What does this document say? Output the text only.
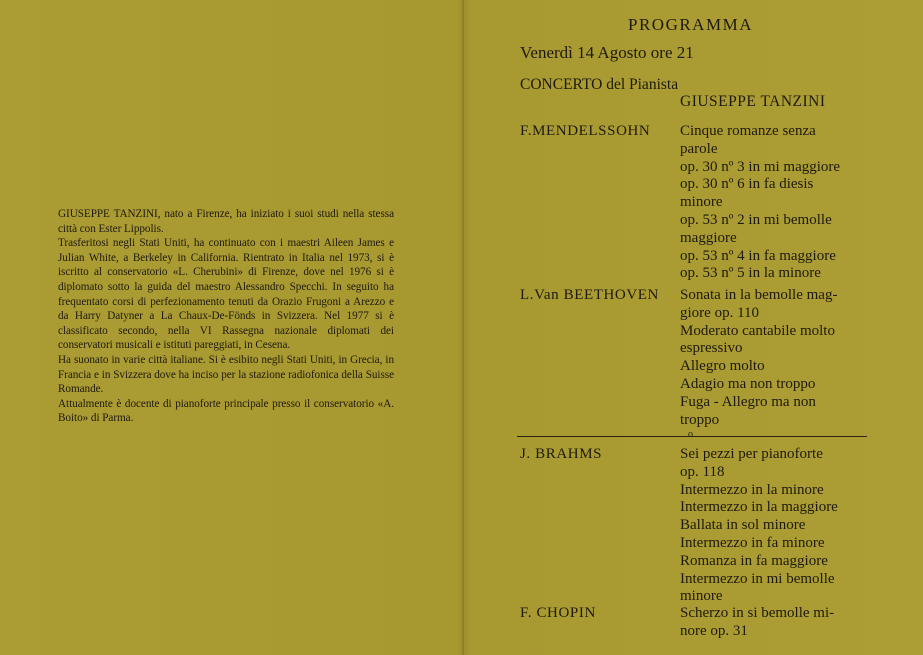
GIUSEPPE TANZINI, nato a Firenze, ha iniziato i suoi studi nella stessa città con Ester Lippolis.

Trasferitosi negli Stati Uniti, ha continuato con i maestri Aileen James e Julian White, a Berkeley in California. Rientrato in Italia nel 1973, si è iscritto al conservatorio «L. Cherubini» di Firenze, dove nel 1976 si è diplomato sotto la guida del maestro Alessandro Specchi. In seguito ha frequentato corsi di perfezionamento tenuti da Orazio Frugoni a Arezzo e da Harry Datyner a La Chaux-De-Fönds in Svizzera. Nel 1977 si è classificato secondo, nella VI Rassegna nazionale diplomati dei conservatori musicali e istituti pareggiati, in Cesena.

Ha suonato in varie città italiane. Si è esibito negli Stati Uniti, in Grecia, in Francia e in Svizzera dove ha inciso per la stazione radiofonica della Suisse Romande.

Attualmente è docente di pianoforte principale presso il conservatorio «A. Boito» di Parma.

PROGRAMMA
Venerdì 14 Agosto ore 21
CONCERTO del Pianista
GIUSEPPE TANZINI
F.MENDELSSOHN Cinque romanze senza
parole
op. 30 nº 3 in mi maggiore
op. 30 nº 6 in fa diesis
minore
op. 53 nº 2 in mi bemolle
maggiore
op. 53 nº 4 in fa maggiore
op. 53 nº 5 in la minore
L.Van BEETHOVEN Sonata in la bemolle mag-
giore op. 110
Moderato cantabile molto
espressivo
Allegro molto
Adagio ma non troppo
Fuga - Allegro ma non
troppo
o
J. BRAHMS	Sei pezzi per pianoforte
op. 118
Intermezzo in la minore
Intermezzo in la maggiore
Ballata in sol minore
Intermezzo in fa minore
Romanza in fa maggiore
Intermezzo in mi bemolle
minore
F. CHOPIN	Scherzo in si bemolle mi-
nore op. 31
